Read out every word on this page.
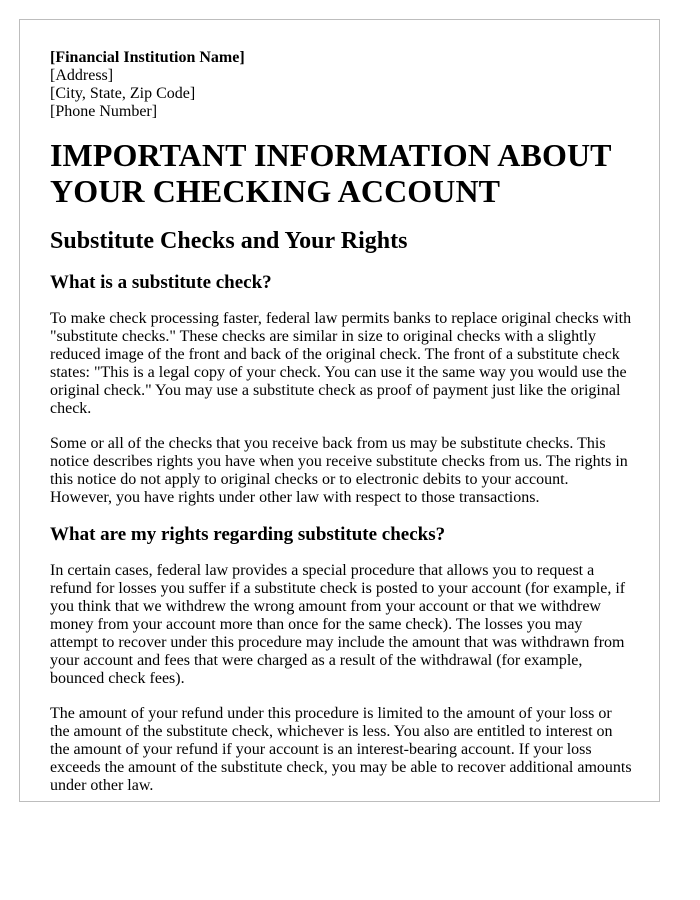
[Financial Institution Name]
[Address]
[City, State, Zip Code]
[Phone Number]
IMPORTANT INFORMATION ABOUT YOUR CHECKING ACCOUNT
Substitute Checks and Your Rights
What is a substitute check?

To make check processing faster, federal law permits banks to replace original checks with "substitute checks." These checks are similar in size to original checks with a slightly reduced image of the front and back of the original check. The front of a substitute check states: "This is a legal copy of your check. You can use it the same way you would use the original check." You may use a substitute check as proof of payment just like the original check.

Some or all of the checks that you receive back from us may be substitute checks. This notice describes rights you have when you receive substitute checks from us. The rights in this notice do not apply to original checks or to electronic debits to your account. However, you have rights under other law with respect to those transactions.

What are my rights regarding substitute checks?

In certain cases, federal law provides a special procedure that allows you to request a refund for losses you suffer if a substitute check is posted to your account (for example, if you think that we withdrew the wrong amount from your account or that we withdrew money from your account more than once for the same check). The losses you may attempt to recover under this procedure may include the amount that was withdrawn from your account and fees that were charged as a result of the withdrawal (for example, bounced check fees).

The amount of your refund under this procedure is limited to the amount of your loss or the amount of the substitute check, whichever is less. You also are entitled to interest on the amount of your refund if your account is an interest-bearing account. If your loss exceeds the amount of the substitute check, you may be able to recover additional amounts under other law.
